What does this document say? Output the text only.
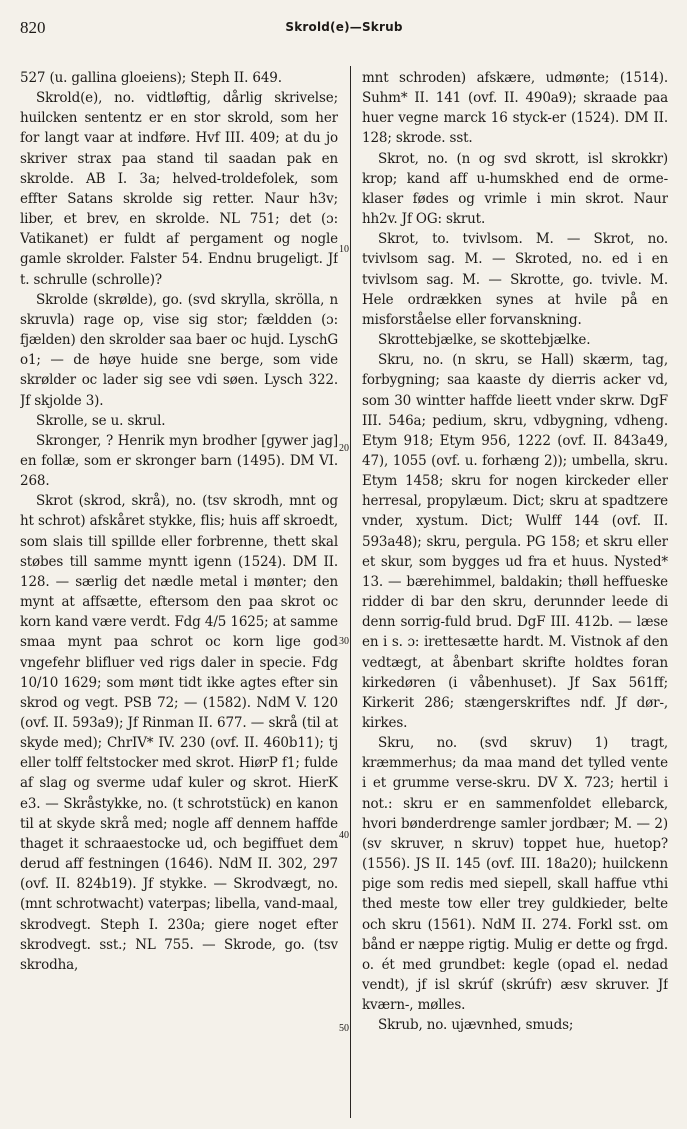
820	Skrold(e)—Skrub
10
20
30
40
50

527 (u. gallina gloeiens); Steph II. 649.

Skrold(e), no. vidtløftig, dårlig skrivelse; huilcken sententz er en stor skrold, som her for langt vaar at indføre. Hvf III. 409; at du jo skriver strax paa stand til saadan pak en skrolde. AB I. 3a; helved-troldefolek, som effter Satans skrolde sig retter. Naur h3v; liber, et brev, en skrolde. NL 751; det (ɔ: Vatikanet) er fuldt af pergament og nogle gamle skrolder. Falster 54. Endnu brugeligt. Jf t. schrulle (schrolle)?

Skrolde (skrølde), go. (svd skrylla, skrölla, n skruvla) rage op, vise sig stor; fældden (ɔ: fjælden) den skrolder saa baer oc hujd. LyschG o1; — de høye huide sne berge, som vide skrølder oc lader sig see vdi søen. Lysch 322. Jf skjolde 3).

Skrolle, se u. skrul.

Skronger, ? Henrik myn brodher [gywer jag] en follæ, som er skronger barn (1495). DM VI. 268.

Skrot (skrod, skrå), no. (tsv skrodh, mnt og ht schrot) afskåret stykke, flis; huis aff skroedt, som slais till spillde eller forbrenne, thett skal støbes till samme myntt igenn (1524). DM II. 128. — særlig det nædle metal i mønter; den mynt at affsætte, eftersom den paa skrot oc korn kand være verdt. Fdg 4/5 1625; at samme smaa mynt paa schrot oc korn lige god vngefehr blifluer ved rigs daler in specie. Fdg 10/10 1629; som mønt tidt ikke agtes efter sin skrod og vegt. PSB 72; — (1582). NdM V. 120 (ovf. II. 593a9); Jf Rinman II. 677. — skrå (til at skyde med); ChrIV* IV. 230 (ovf. II. 460b11); tj eller tolff feltstocker med skrot. HiørP f1; fulde af slag og sverme udaf kuler og skrot. HierK e3. — Skråstykke, no. (t schrotstück) en kanon til at skyde skrå med; nogle aff dennem haffde thaget it schraaestocke ud, och begiffuet dem derud aff festningen (1646). NdM II. 302, 297 (ovf. II. 824b19). Jf stykke. — Skrodvægt, no. (mnt schrotwacht) vaterpas; libella, vand-maal, skrodvegt. Steph I. 230a; giere noget efter skrodvegt. sst.; NL 755. — Skrode, go. (tsv skrodha,

mnt schroden) afskære, udmønte; (1514). Suhm* II. 141 (ovf. II. 490a9); skraade paa huer vegne marck 16 styck-er (1524). DM II. 128; skrode. sst.

Skrot, no. (n og svd skrott, isl skrokkr) krop; kand aff u-humskhed end de orme-klaser fødes og vrimle i min skrot. Naur hh2v. Jf OG: skrut.

Skrot, to. tvivlsom. M. — Skrot, no. tvivlsom sag. M. — Skroted, no. ed i en tvivlsom sag. M. — Skrotte, go. tvivle. M. Hele ordrækken synes at hvile på en misforståelse eller forvanskning.

Skrottebjælke, se skottebjælke.

Skru, no. (n skru, se Hall) skærm, tag, forbygning; saa kaaste dy dierris acker vd, som 30 wintter haffde lieett vnder skrw. DgF III. 546a; pedium, skru, vdbygning, vdheng. Etym 918; Etym 956, 1222 (ovf. II. 843a49, 47), 1055 (ovf. u. forhæng 2)); umbella, skru. Etym 1458; skru for nogen kirckeder eller herresal, propylæum. Dict; skru at spadtzere vnder, xystum. Dict; Wulff 144 (ovf. II. 593a48); skru, pergula. PG 158; et skru eller et skur, som bygges ud fra et huus. Nysted* 13. — bærehimmel, baldakin; thøll heffueske ridder di bar den skru, derunnder leede di denn sorrig-fuld brud. DgF III. 412b. — læse en i s. ɔ: irettesætte hardt. M. Vistnok af den vedtægt, at åbenbart skrifte holdtes foran kirkedøren (i våbenhuset). Jf Sax 561ff; Kirkerit 286; stængerskriftes ndf. Jf dør-, kirkes.

Skru, no. (svd skruv) 1) tragt, kræmmerhus; da maa mand det tylled vente i et grumme verse-skru. DV X. 723; hertil i not.: skru er en sammenfoldet ellebarck, hvori bønderdrenge samler jordbær; M. — 2) (sv skruver, n skruv) toppet hue, huetop? (1556). JS II. 145 (ovf. III. 18a20); huilckenn pige som redis med siepell, skall haffue vthi thed meste tow eller trey guldkieder, belte och skru (1561). NdM II. 274. Forkl sst. om bånd er næppe rigtig. Mulig er dette og frgd. o. ét med grundbet: kegle (opad el. nedad vendt), jf isl skrúf (skrúfr) æsv skruver. Jf kværn-, mølles.

Skrub, no. ujævnhed, smuds;
